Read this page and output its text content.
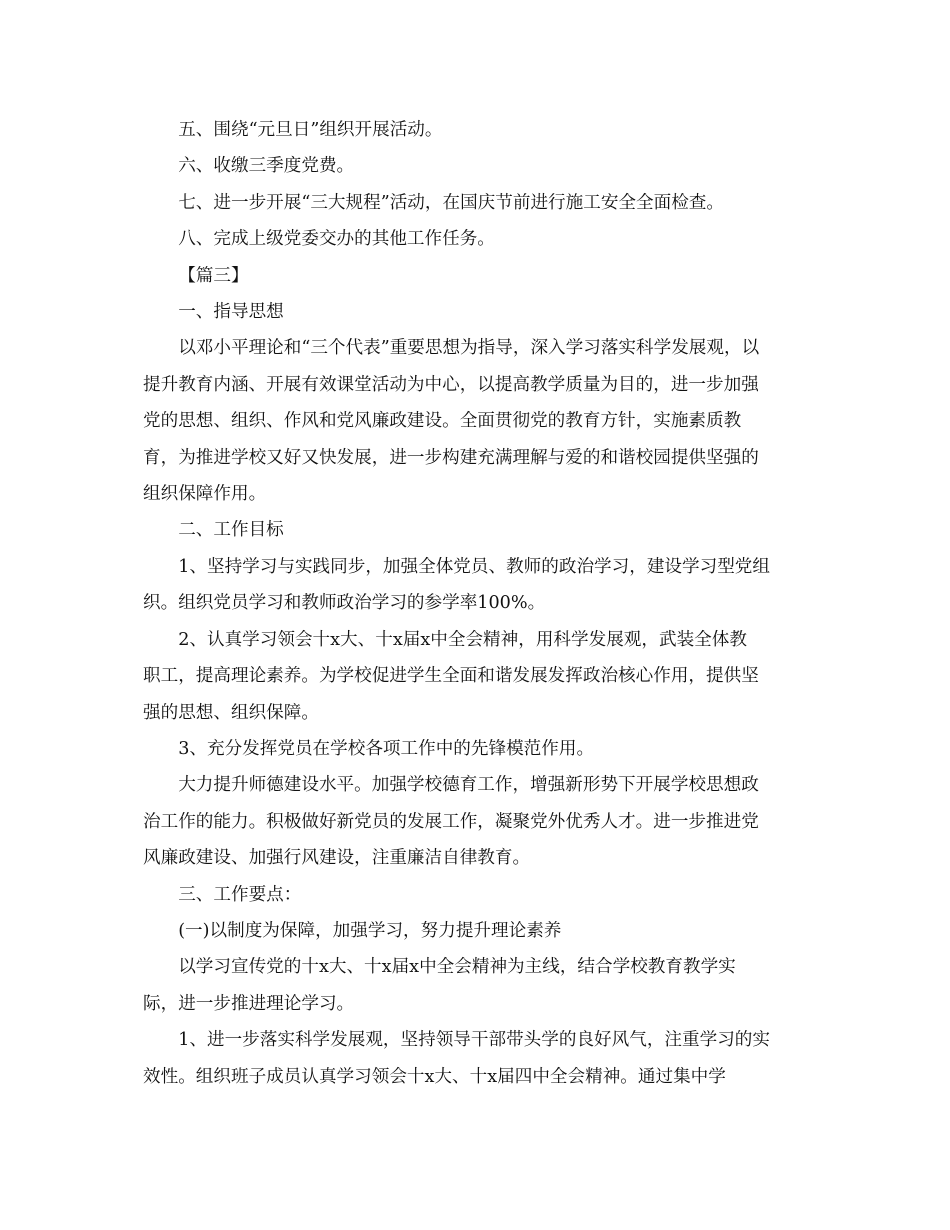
五、围绕“元旦日”组织开展活动。
六、收缴三季度党费。
七、进一步开展“三大规程”活动，在国庆节前进行施工安全全面检查。
八、完成上级党委交办的其他工作任务。
【篇三】
一、指导思想
以邓小平理论和“三个代表”重要思想为指导，深入学习落实科学发展观，以
提升教育内涵、开展有效课堂活动为中心，以提高教学质量为目的，进一步加强
党的思想、组织、作风和党风廉政建设。全面贯彻党的教育方针，实施素质教
育，为推进学校又好又快发展，进一步构建充满理解与爱的和谐校园提供坚强的
组织保障作用。
二、工作目标
1、坚持学习与实践同步，加强全体党员、教师的政治学习，建设学习型党组
织。组织党员学习和教师政治学习的参学率100%。
2、认真学习领会十x大、十x届x中全会精神，用科学发展观，武装全体教
职工，提高理论素养。为学校促进学生全面和谐发展发挥政治核心作用，提供坚
强的思想、组织保障。
3、充分发挥党员在学校各项工作中的先锋模范作用。
大力提升师德建设水平。加强学校德育工作，增强新形势下开展学校思想政
治工作的能力。积极做好新党员的发展工作，凝聚党外优秀人才。进一步推进党
风廉政建设、加强行风建设，注重廉洁自律教育。
三、工作要点：
(一)以制度为保障，加强学习，努力提升理论素养
以学习宣传党的十x大、十x届x中全会精神为主线，结合学校教育教学实
际，进一步推进理论学习。
1、进一步落实科学发展观，坚持领导干部带头学的良好风气，注重学习的实
效性。组织班子成员认真学习领会十x大、十x届四中全会精神。通过集中学
